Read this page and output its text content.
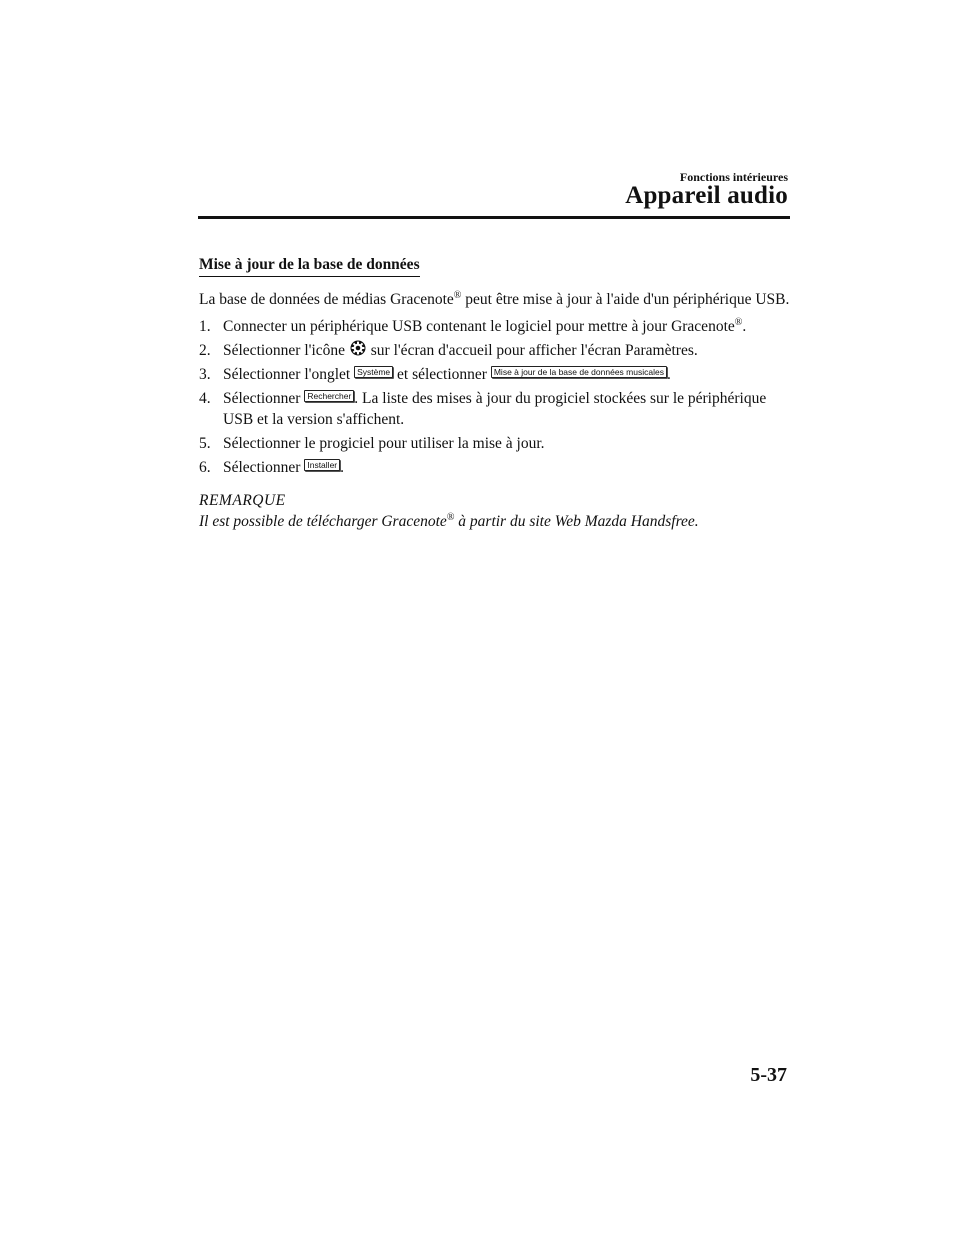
Fonctions intérieures
Appareil audio
Mise à jour de la base de données

La base de données de médias Gracenote® peut être mise à jour à l'aide d'un périphérique USB.

1. Connecter un périphérique USB contenant le logiciel pour mettre à jour Gracenote®.
2. Sélectionner l'icône sur l'écran d'accueil pour afficher l'écran Paramètres.
3. Sélectionner l'onglet Système et sélectionner Mise à jour de la base de données musicales .
4. Sélectionner Rechercher . La liste des mises à jour du progiciel stockées sur le périphérique USB et la version s'affichent.
5. Sélectionner le progiciel pour utiliser la mise à jour.
6. Sélectionner Installer .

REMARQUE

Il est possible de télécharger Gracenote® à partir du site Web Mazda Handsfree.

5-37
